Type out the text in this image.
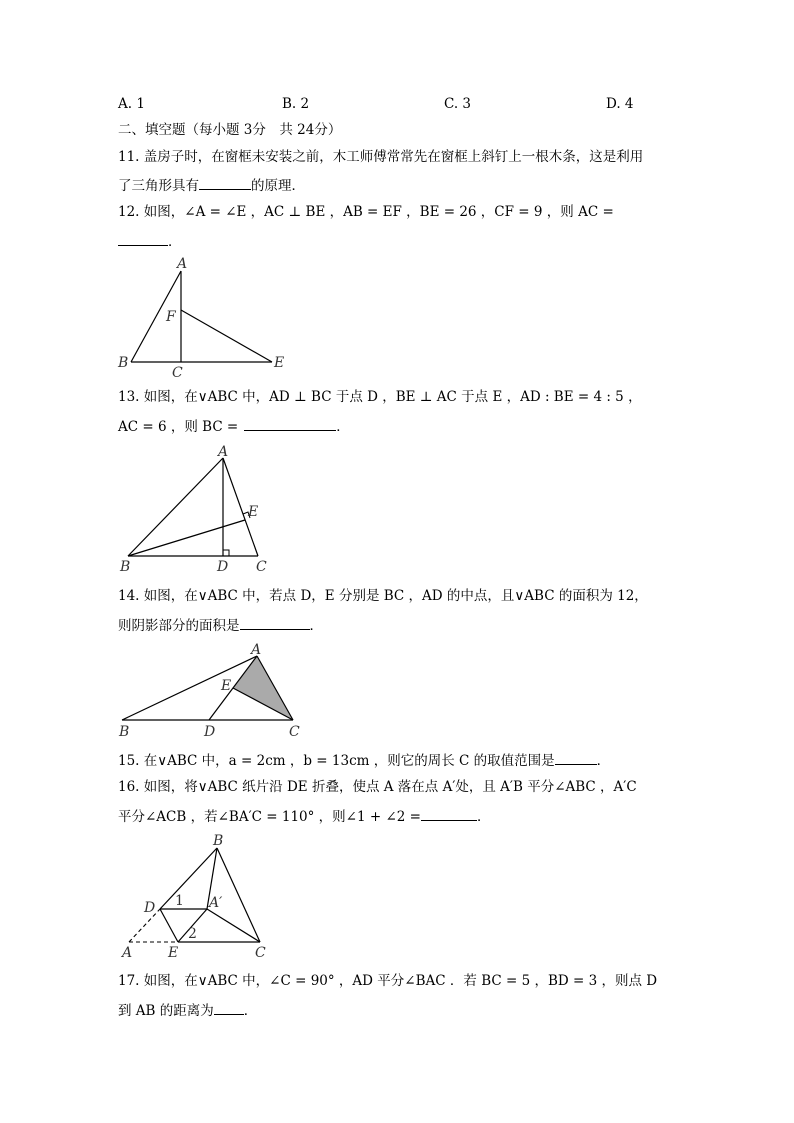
A. 1	B. 2	C. 3	D. 4
二、填空题（每小题 3分　共 24分）
11. 盖房子时，在窗框未安装之前，木工师傅常常先在窗框上斜钉上一根木条，这是利用
了三角形具有	的原理．
12. 如图，∠A = ∠E ，AC ⊥ BE ，AB = EF ，BE = 26 ，CF = 9 ，则 AC =
．
A
F
B
C
E
13. 如图，在∨ABC 中，AD ⊥ BC 于点 D ，BE ⊥ AC 于点 E ，AD : BE = 4 : 5 ，
AC = 6 ，则 BC =	．
A
E
B	D C
14. 如图，在∨ABC 中，若点 D，E 分别是 BC ，AD 的中点，且∨ABC 的面积为 12，
则阴影部分的面积是	．
A
E
B	D	C
15. 在∨ABC 中，a = 2cm ，b = 13cm ，则它的周长 C 的取值范围是	．
16. 如图，将∨ABC 纸片沿 DE 折叠，使点 A 落在点 A′处，且 A′B 平分∠ABC ，A′C
平分∠ACB ，若∠BA′C = 110° ，则∠1 + ∠2 =	．
B
D 1 A′
2
A	E	C
17. 如图，在∨ABC 中，∠C = 90° ，AD 平分∠BAC ．若 BC = 5 ，BD = 3 ，则点 D
到 AB 的距离为 ．
